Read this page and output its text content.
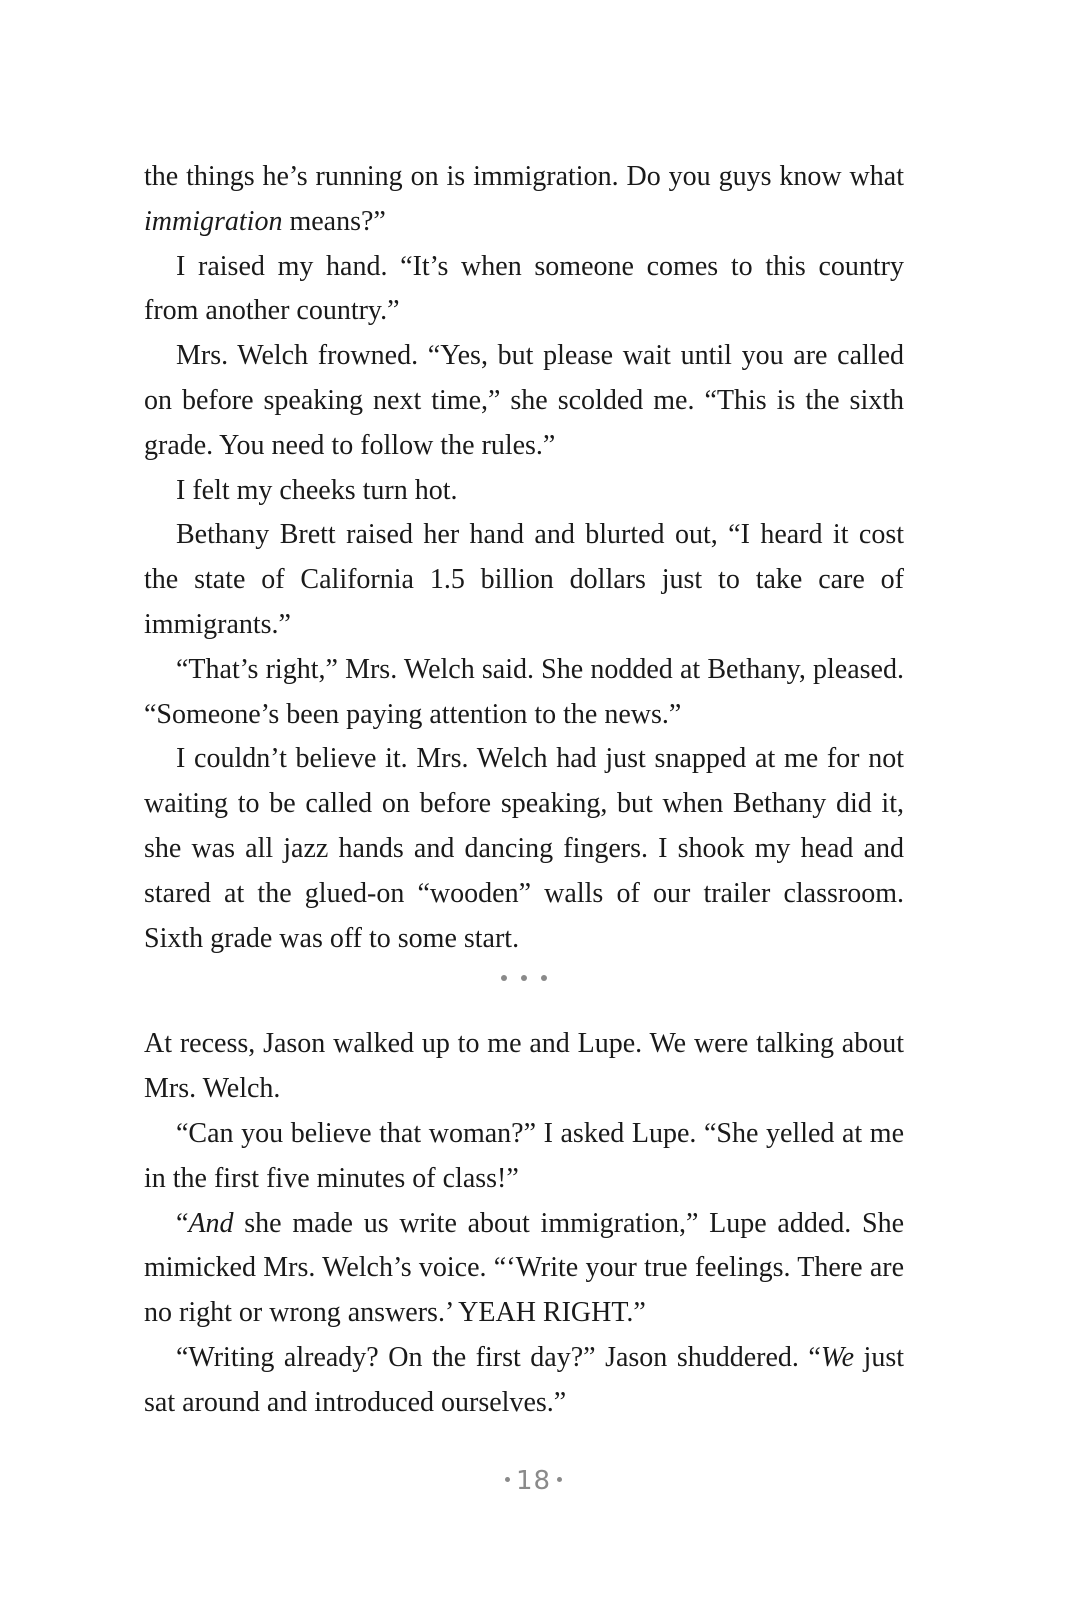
the things he’s running on is immigration. Do you guys know what immigration means?”

I raised my hand. “It’s when someone comes to this country from another country.”

Mrs. Welch frowned. “Yes, but please wait until you are called on before speaking next time,” she scolded me. “This is the sixth grade. You need to follow the rules.”

I felt my cheeks turn hot.

Bethany Brett raised her hand and blurted out, “I heard it cost the state of California 1.5 billion dollars just to take care of immigrants.”

“That’s right,” Mrs. Welch said. She nodded at Bethany, pleased. “Someone’s been paying attention to the news.”

I couldn’t believe it. Mrs. Welch had just snapped at me for not waiting to be called on before speaking, but when Bethany did it, she was all jazz hands and dancing fingers. I shook my head and stared at the glued-on “wooden” walls of our trailer classroom. Sixth grade was off to some start.

At recess, Jason walked up to me and Lupe. We were talking about Mrs. Welch.

“Can you believe that woman?” I asked Lupe. “She yelled at me in the first five minutes of class!”

“And she made us write about immigration,” Lupe added. She mimicked Mrs. Welch’s voice. “‘Write your true feelings. There are no right or wrong answers.’ YEAH RIGHT.”

“Writing already? On the first day?” Jason shuddered. “We just sat around and introduced ourselves.”

18
